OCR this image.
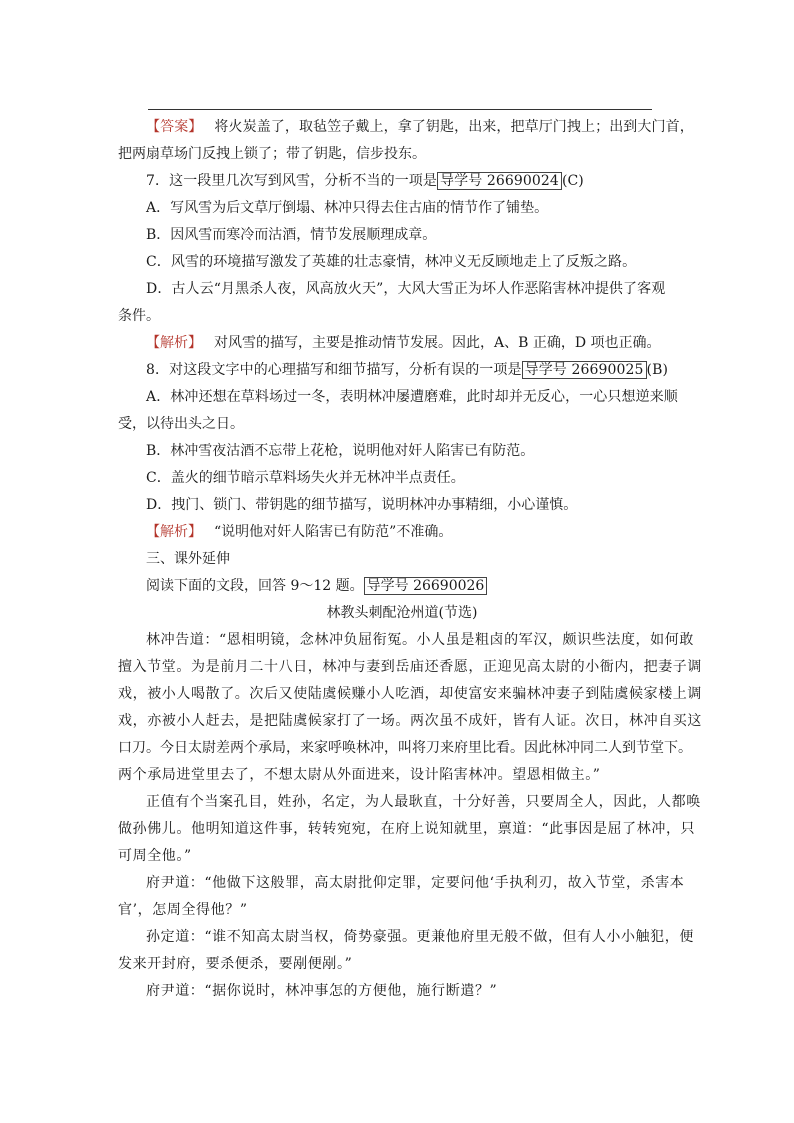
【答案】 将火炭盖了，取毡笠子戴上，拿了钥匙，出来，把草厅门拽上；出到大门首，
把两扇草场门反拽上锁了；带了钥匙，信步投东。
7．这一段里几次写到风雪，分析不当的一项是 导学号 26690024 (C)
A．写风雪为后文草厅倒塌、林冲只得去住古庙的情节作了铺垫。
B．因风雪而寒冷而沽酒，情节发展顺理成章。
C．风雪的环境描写激发了英雄的壮志豪情，林冲义无反顾地走上了反叛之路。
D．古人云“月黑杀人夜，风高放火天”，大风大雪正为坏人作恶陷害林冲提供了客观
条件。
【解析】 对风雪的描写，主要是推动情节发展。因此，A、B 正确，D 项也正确。
8．对这段文字中的心理描写和细节描写，分析有误的一项是 导学号 26690025 (B)
A．林冲还想在草料场过一冬，表明林冲屡遭磨难，此时却并无反心，一心只想逆来顺
受，以待出头之日。
B．林冲雪夜沽酒不忘带上花枪，说明他对奸人陷害已有防范。
C．盖火的细节暗示草料场失火并无林冲半点责任。
D．拽门、锁门、带钥匙的细节描写，说明林冲办事精细，小心谨慎。
【解析】 “说明他对奸人陷害已有防范”不准确。
三、课外延伸
阅读下面的文段，回答 9～12 题。 导学号 26690026
林教头刺配沧州道(节选)
林冲告道：“恩相明镜，念林冲负屈衔冤。小人虽是粗卤的军汉，颇识些法度，如何敢
擅入节堂。为是前月二十八日，林冲与妻到岳庙还香愿，正迎见高太尉的小衙内，把妻子调
戏，被小人喝散了。次后又使陆虞候赚小人吃酒，却使富安来骗林冲妻子到陆虞候家楼上调
戏，亦被小人赶去，是把陆虞候家打了一场。两次虽不成奸，皆有人证。次日，林冲自买这
口刀。今日太尉差两个承局，来家呼唤林冲，叫将刀来府里比看。因此林冲同二人到节堂下。
两个承局进堂里去了，不想太尉从外面进来，设计陷害林冲。望恩相做主。”
正值有个当案孔目，姓孙，名定，为人最耿直，十分好善，只要周全人，因此，人都唤
做孙佛儿。他明知道这件事，转转宛宛，在府上说知就里，禀道：“此事因是屈了林冲，只
可周全他。”
府尹道：“他做下这般罪，高太尉批仰定罪，定要问他‘手执利刃，故入节堂，杀害本
官’，怎周全得他？”
孙定道：“谁不知高太尉当权，倚势豪强。更兼他府里无般不做，但有人小小触犯，便
发来开封府，要杀便杀，要剐便剐。”
府尹道：“据你说时，林冲事怎的方便他，施行断遣？”
